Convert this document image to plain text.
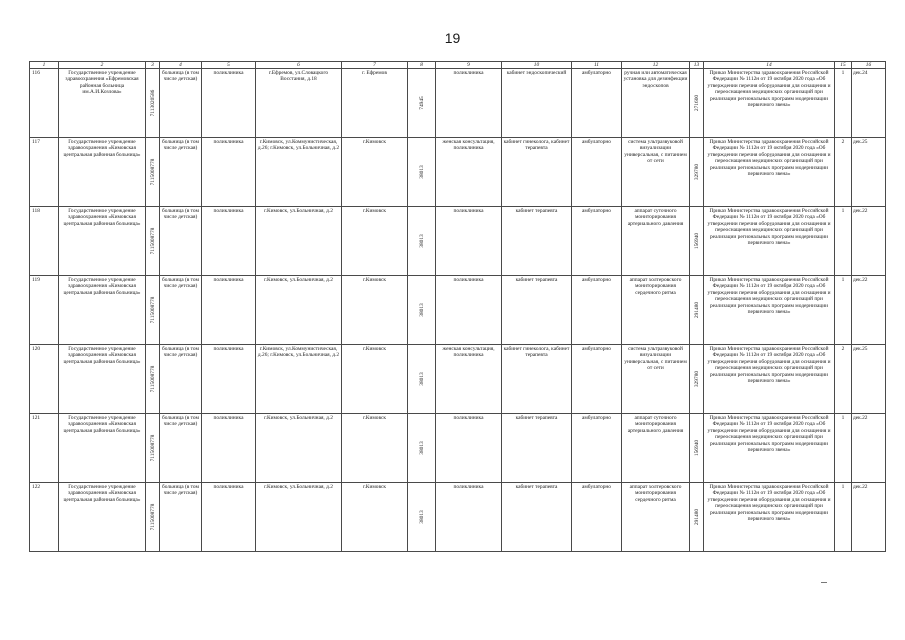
19
1	2	3	4	5	6	7	8	9	10	11	12	13	14	15	16
116	Государственное учреждение здравоохранения «Ефремовская районная больница им.А.И.Козлова»	7113020586	больница (в том числе детская)	поликлиника	г.Ефремов, ул.Словацкого Восстания, д.18	г. Ефремов	74945	поликлиника	кабинет эндоскопический	амбулаторно	ручная или автоматическая установка для дезинфекции эндоскопов	271600	Приказ Министерства здравоохранения Российской Федерации № 1112н от 19 октября 2020 года «Об утверждении перечня оборудования для оснащения и переоснащения медицинских организаций при реализации региональных программ модернизации первичного звена»	1	дек.24
117	Государственное учреждение здравоохранения «Кимовская центральная районная больница»	7115008778	больница (в том числе детская)	поликлиника	г.Кимовск, ул.Коммунистическая, д.26; г.Кимовск, ул.Больничная, д.2	г.Кимовск	38013	женская консультация, поликлиника	кабинет гинеколога, кабинет терапевта	амбулаторно	система ультразвуковой визуализации универсальная, с питанием от сети	329780	Приказ Министерства здравоохранения Российской Федерации № 1112н от 19 октября 2020 года «Об утверждении перечня оборудования для оснащения и переоснащения медицинских организаций при реализации региональных программ модернизации первичного звена»	2	дек.25
118	Государственное учреждение здравоохранения «Кимовская центральная районная больница»	7115008778	больница (в том числе детская)	поликлиника	г.Кимовск, ул.Больничная, д.2	г.Кимовск	38013	поликлиника	кабинет терапевта	амбулаторно	аппарат суточного мониторирования артериального давления	156940	Приказ Министерства здравоохранения Российской Федерации № 1112н от 19 октября 2020 года «Об утверждении перечня оборудования для оснащения и переоснащения медицинских организаций при реализации региональных программ модернизации первичного звена»	1	дек.22
119	Государственное учреждение здравоохранения «Кимовская центральная районная больница»	7115008778	больница (в том числе детская)	поликлиника	г.Кимовск, ул.Больничная, д.2	г.Кимовск	38013	поликлиника	кабинет терапевта	амбулаторно	аппарат холтеровского мониторирования сердечного ритма	291480	Приказ Министерства здравоохранения Российской Федерации № 1112н от 19 октября 2020 года «Об утверждении перечня оборудования для оснащения и переоснащения медицинских организаций при реализации региональных программ модернизации первичного звена»	1	дек.22
120	Государственное учреждение здравоохранения «Кимовская центральная районная больница»	7115008778	больница (в том числе детская)	поликлиника	г.Кимовск, ул.Коммунистическая, д.26; г.Кимовск, ул.Больничная, д.2	г.Кимовск	38013	женская консультация, поликлиника	кабинет гинеколога, кабинет терапевта	амбулаторно	система ультразвуковой визуализации универсальная, с питанием от сети	329780	Приказ Министерства здравоохранения Российской Федерации № 1112н от 19 октября 2020 года «Об утверждении перечня оборудования для оснащения и переоснащения медицинских организаций при реализации региональных программ модернизации первичного звена»	2	дек.25
121	Государственное учреждение здравоохранения «Кимовская центральная районная больница»	7115008778	больница (в том числе детская)	поликлиника	г.Кимовск, ул.Больничная, д.2	г.Кимовск	38013	поликлиника	кабинет терапевта	амбулаторно	аппарат суточного мониторирования артериального давления	156940	Приказ Министерства здравоохранения Российской Федерации № 1112н от 19 октября 2020 года «Об утверждении перечня оборудования для оснащения и переоснащения медицинских организаций при реализации региональных программ модернизации первичного звена»	1	дек.22
122	Государственное учреждение здравоохранения «Кимовская центральная районная больница»	7115008778	больница (в том числе детская)	поликлиника	г.Кимовск, ул.Больничная, д.2	г.Кимовск	38013	поликлиника	кабинет терапевта	амбулаторно	аппарат холтеровского мониторирования сердечного ритма	291480	Приказ Министерства здравоохранения Российской Федерации № 1112н от 19 октября 2020 года «Об утверждении перечня оборудования для оснащения и переоснащения медицинских организаций при реализации региональных программ модернизации первичного звена»	1	дек.22
